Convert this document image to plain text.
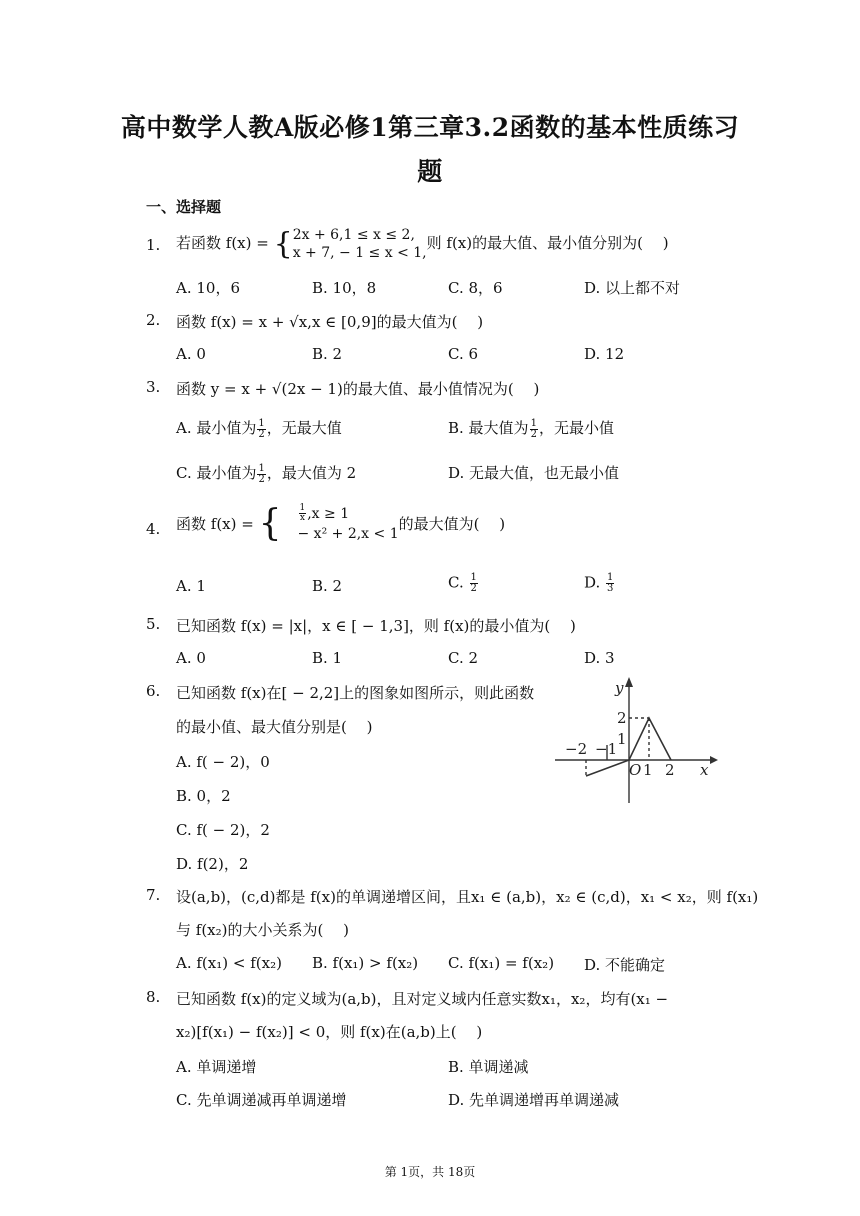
高中数学人教A版必修1第三章3.2函数的基本性质练习
题
一、选择题
1. 若函数 f(x) = { 2x + 6,1 ≤ x ≤ 2,
x + 7, − 1 ≤ x < 1,
则 f(x)的最大值、最小值分别为(　 )
A. 10，6	B. 10，8	C. 8，6	D. 以上都不对
2. 函数 f(x) = x + √x,x ∈ [0,9]的最大值为(　 )
A. 0	B. 2	C. 6	D. 12
3. 函数 y = x + √(2x − 1)的最大值、最小值情况为(　 )
A. 最小值为 $\frac{1}{2}$ ，无最大值	B. 最大值为 $\frac{1}{2}$ ，无最小值
C. 最小值为 $\frac{1}{2}$ ，最大值为 2	D. 无最大值，也无最小值
4. 函数 f(x) = { $\frac{1}{x} ,x \ge 1$
− x² + 2,x < 1
的最大值为(　 )
A. 1	B. 2	C. $\frac{1}{2}$	D. $\frac{1}{3}$
5. 已知函数 f(x) = |x|，x ∈ [ − 1,3]，则 f(x)的最小值为(　 )
A. 0	B. 1	C. 2	D. 3
6. 已知函数 f(x)在[ − 2,2]上的图象如图所示，则此函数
的最小值、最大值分别是(　 )
A. f( − 2)，0
B. 0，2
C. f( − 2)，2
D. f(2)，2
y
x
2
1
−2 −1
O 1 2
7. 设(a,b)，(c,d)都是 f(x)的单调递增区间，且x₁ ∈ (a,b)，x₂ ∈ (c,d)，x₁ < x₂，则 f(x₁)
与 f(x₂)的大小关系为(　 )
A. f(x₁) < f(x₂) B. f(x₁) > f(x₂) C. f(x₁) = f(x₂) D. 不能确定
8. 已知函数 f(x)的定义域为(a,b)，且对定义域内任意实数x₁，x₂，均有(x₁ −
x₂)[f(x₁) − f(x₂)] < 0，则 f(x)在(a,b)上(　 )
A. 单调递增	B. 单调递减
C. 先单调递减再单调递增	D. 先单调递增再单调递减
第 1页，共 18页
